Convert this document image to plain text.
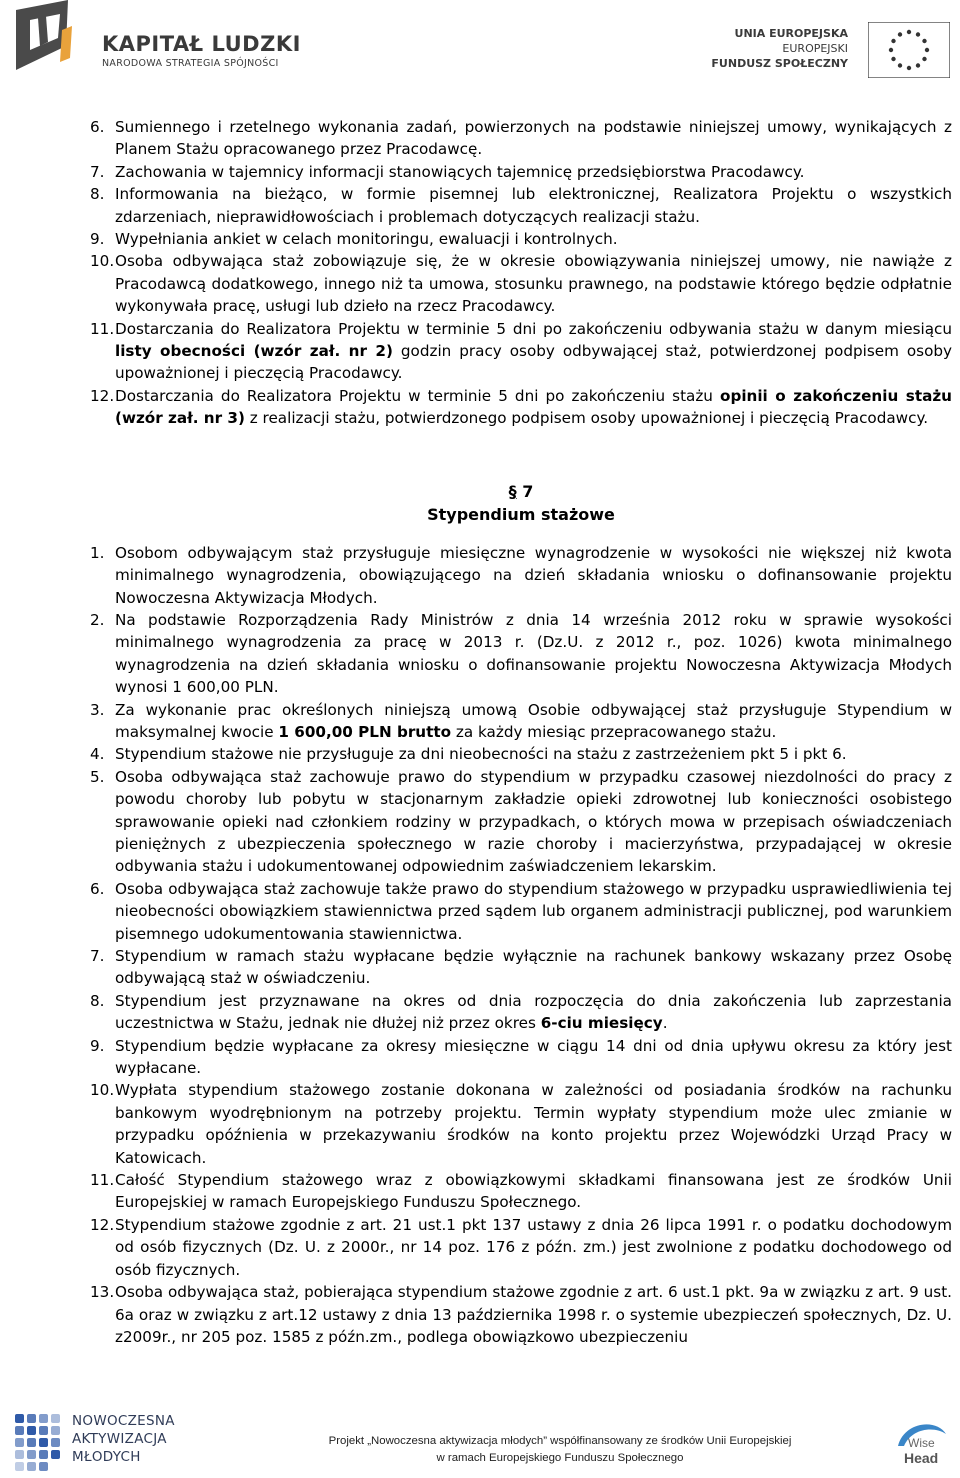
KAPITAŁ LUDZKI
NARODOWA STRATEGIA SPÓJNOŚCI
UNIA EUROPEJSKA
EUROPEJSKI
FUNDUSZ SPOŁECZNY
6. Sumiennego i rzetelnego wykonania zadań, powierzonych na podstawie niniejszej umowy, wynikających z Planem Stażu opracowanego przez Pracodawcę.
7. Zachowania w tajemnicy informacji stanowiących tajemnicę przedsiębiorstwa Pracodawcy.
8. Informowania na bieżąco, w formie pisemnej lub elektronicznej, Realizatora Projektu o wszystkich zdarzeniach, nieprawidłowościach i problemach dotyczących realizacji stażu.
9. Wypełniania ankiet w celach monitoringu, ewaluacji i kontrolnych.
10. Osoba odbywająca staż zobowiązuje się, że w okresie obowiązywania niniejszej umowy, nie nawiąże z Pracodawcą dodatkowego, innego niż ta umowa, stosunku prawnego, na podstawie którego będzie odpłatnie wykonywała pracę, usługi lub dzieło na rzecz Pracodawcy.
11. Dostarczania do Realizatora Projektu w terminie 5 dni po zakończeniu odbywania stażu w danym miesiącu listy obecności (wzór zał. nr 2) godzin pracy osoby odbywającej staż, potwierdzonej podpisem osoby upoważnionej i pieczęcią Pracodawcy.
12. Dostarczania do Realizatora Projektu w terminie 5 dni po zakończeniu stażu opinii o zakończeniu stażu (wzór zał. nr 3) z realizacji stażu, potwierdzonego podpisem osoby upoważnionej i pieczęcią Pracodawcy.
§ 7
Stypendium stażowe
1. Osobom odbywającym staż przysługuje miesięczne wynagrodzenie w wysokości nie większej niż kwota minimalnego wynagrodzenia, obowiązującego na dzień składania wniosku o dofinansowanie projektu Nowoczesna Aktywizacja Młodych.
2. Na podstawie Rozporządzenia Rady Ministrów z dnia 14 września 2012 roku w sprawie wysokości minimalnego wynagrodzenia za pracę w 2013 r. (Dz.U. z 2012 r., poz. 1026) kwota minimalnego wynagrodzenia na dzień składania wniosku o dofinansowanie projektu Nowoczesna Aktywizacja Młodych wynosi 1 600,00 PLN.
3. Za wykonanie prac określonych niniejszą umową Osobie odbywającej staż przysługuje Stypendium w maksymalnej kwocie 1 600,00 PLN brutto za każdy miesiąc przepracowanego stażu.
4. Stypendium stażowe nie przysługuje za dni nieobecności na stażu z zastrzeżeniem pkt 5 i pkt 6.
5. Osoba odbywająca staż zachowuje prawo do stypendium w przypadku czasowej niezdolności do pracy z powodu choroby lub pobytu w stacjonarnym zakładzie opieki zdrowotnej lub konieczności osobistego sprawowanie opieki nad członkiem rodziny w przypadkach, o których mowa w przepisach oświadczeniach pieniężnych z ubezpieczenia społecznego w razie choroby i macierzyństwa, przypadającej w okresie odbywania stażu i udokumentowanej odpowiednim zaświadczeniem lekarskim.
6. Osoba odbywająca staż zachowuje także prawo do stypendium stażowego w przypadku usprawiedliwienia tej nieobecności obowiązkiem stawiennictwa przed sądem lub organem administracji publicznej, pod warunkiem pisemnego udokumentowania stawiennictwa.
7. Stypendium w ramach stażu wypłacane będzie wyłącznie na rachunek bankowy wskazany przez Osobę odbywającą staż w oświadczeniu.
8. Stypendium jest przyznawane na okres od dnia rozpoczęcia do dnia zakończenia lub zaprzestania uczestnictwa w Stażu, jednak nie dłużej niż przez okres 6-ciu miesięcy.
9. Stypendium będzie wypłacane za okresy miesięczne w ciągu 14 dni od dnia upływu okresu za który jest wypłacane.
10. Wypłata stypendium stażowego zostanie dokonana w zależności od posiadania środków na rachunku bankowym wyodrębnionym na potrzeby projektu. Termin wypłaty stypendium może ulec zmianie w przypadku opóźnienia w przekazywaniu środków na konto projektu przez Wojewódzki Urząd Pracy w Katowicach.
11. Całość Stypendium stażowego wraz z obowiązkowymi składkami finansowana jest ze środków Unii Europejskiej w ramach Europejskiego Funduszu Społecznego.
12. Stypendium stażowe zgodnie z art. 21 ust.1 pkt 137 ustawy z dnia 26 lipca 1991 r. o podatku dochodowym od osób fizycznych (Dz. U. z 2000r., nr 14 poz. 176 z późn. zm.) jest zwolnione z podatku dochodowego od osób fizycznych.
13. Osoba odbywająca staż, pobierająca stypendium stażowe zgodnie z art. 6 ust.1 pkt. 9a w związku z art. 9 ust. 6a oraz w związku z art.12 ustawy z dnia 13 października 1998 r. o systemie ubezpieczeń społecznych, Dz. U. z2009r., nr 205 poz. 1585 z późn.zm., podlega obowiązkowo ubezpieczeniu
NOWOCZESNA
AKTYWIZACJA
MŁODYCH
Projekt „Nowoczesna aktywizacja młodych” współfinansowany ze środków Unii Europejskiej
w ramach Europejskiego Funduszu Społecznego
Wise
Head
